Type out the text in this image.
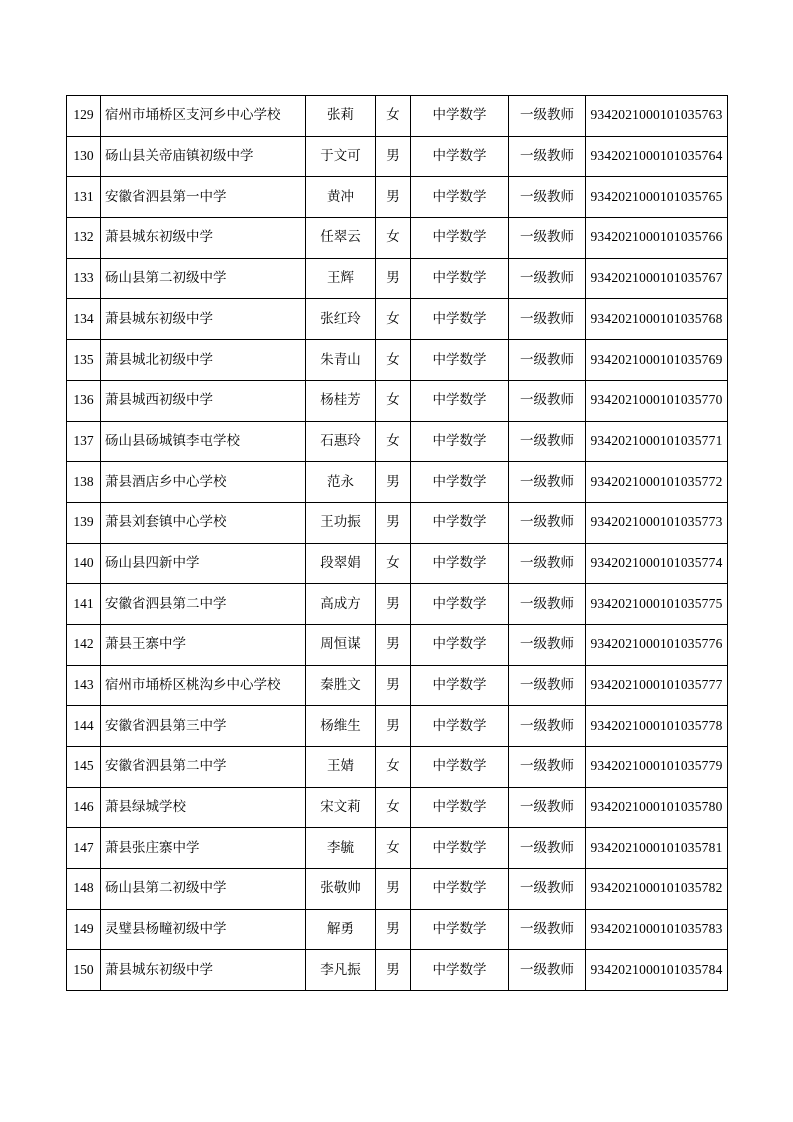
129	宿州市埇桥区支河乡中心学校	张莉	女	中学数学	一级教师	9342021000101035763
130	砀山县关帝庙镇初级中学	于文可	男	中学数学	一级教师	9342021000101035764
131	安徽省泗县第一中学	黄冲	男	中学数学	一级教师	9342021000101035765
132	萧县城东初级中学	任翠云	女	中学数学	一级教师	9342021000101035766
133	砀山县第二初级中学	王辉	男	中学数学	一级教师	9342021000101035767
134	萧县城东初级中学	张红玲	女	中学数学	一级教师	9342021000101035768
135	萧县城北初级中学	朱青山	女	中学数学	一级教师	9342021000101035769
136	萧县城西初级中学	杨桂芳	女	中学数学	一级教师	9342021000101035770
137	砀山县砀城镇李屯学校	石惠玲	女	中学数学	一级教师	9342021000101035771
138	萧县酒店乡中心学校	范永	男	中学数学	一级教师	9342021000101035772
139	萧县刘套镇中心学校	王功振	男	中学数学	一级教师	9342021000101035773
140	砀山县四新中学	段翠娟	女	中学数学	一级教师	9342021000101035774
141	安徽省泗县第二中学	高成方	男	中学数学	一级教师	9342021000101035775
142	萧县王寨中学	周恒谋	男	中学数学	一级教师	9342021000101035776
143	宿州市埇桥区桃沟乡中心学校	秦胜文	男	中学数学	一级教师	9342021000101035777
144	安徽省泗县第三中学	杨维生	男	中学数学	一级教师	9342021000101035778
145	安徽省泗县第二中学	王婧	女	中学数学	一级教师	9342021000101035779
146	萧县绿城学校	宋文莉	女	中学数学	一级教师	9342021000101035780
147	萧县张庄寨中学	李毓	女	中学数学	一级教师	9342021000101035781
148	砀山县第二初级中学	张敬帅	男	中学数学	一级教师	9342021000101035782
149	灵璧县杨疃初级中学	解勇	男	中学数学	一级教师	9342021000101035783
150	萧县城东初级中学	李凡振	男	中学数学	一级教师	9342021000101035784
